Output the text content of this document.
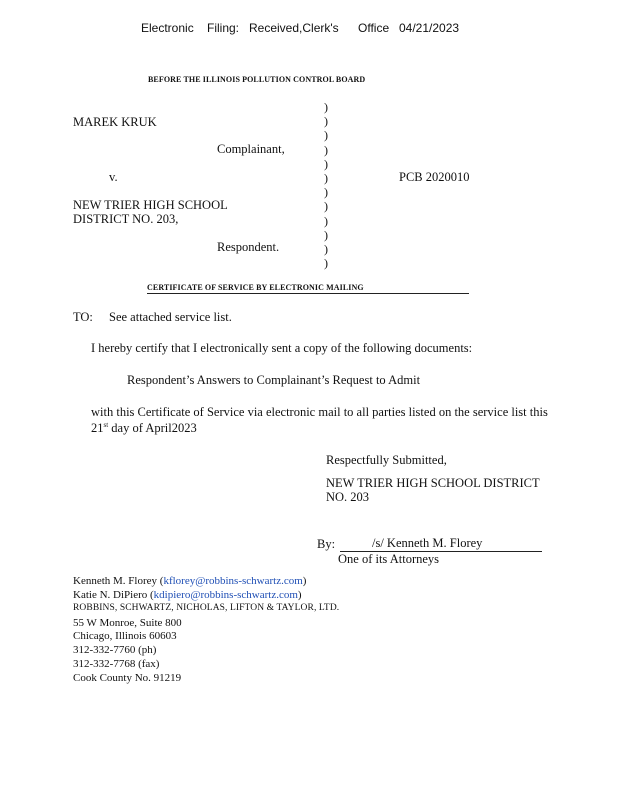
Electronic Filing: Received,Clerk's Office 04/21/2023
BEFORE THE ILLINOIS POLLUTION CONTROL BOARD
)
)
)
)
)
)
)
)
)
)
)
)
MAREK KRUK
Complainant,
v.	PCB 2020010
NEW TRIER HIGH SCHOOL
DISTRICT NO. 203,
Respondent.
CERTIFICATE OF SERVICE BY ELECTRONIC MAILING
TO: See attached service list.
I hereby certify that I electronically sent a copy of the following documents:
Respondent’s Answers to Complainant’s Request to Admit
with this Certificate of Service via electronic mail to all parties listed on the service list this
21st day of April2023
Respectfully Submitted,
NEW TRIER HIGH SCHOOL DISTRICT
NO. 203
By:	/s/ Kenneth M. Florey
One of its Attorneys
Kenneth M. Florey (kflorey@robbins-schwartz.com)
Katie N. DiPiero (kdipiero@robbins-schwartz.com)
ROBBINS, SCHWARTZ, NICHOLAS, LIFTON & TAYLOR, LTD.
55 W Monroe, Suite 800
Chicago, Illinois 60603
312-332-7760 (ph)
312-332-7768 (fax)
Cook County No. 91219
